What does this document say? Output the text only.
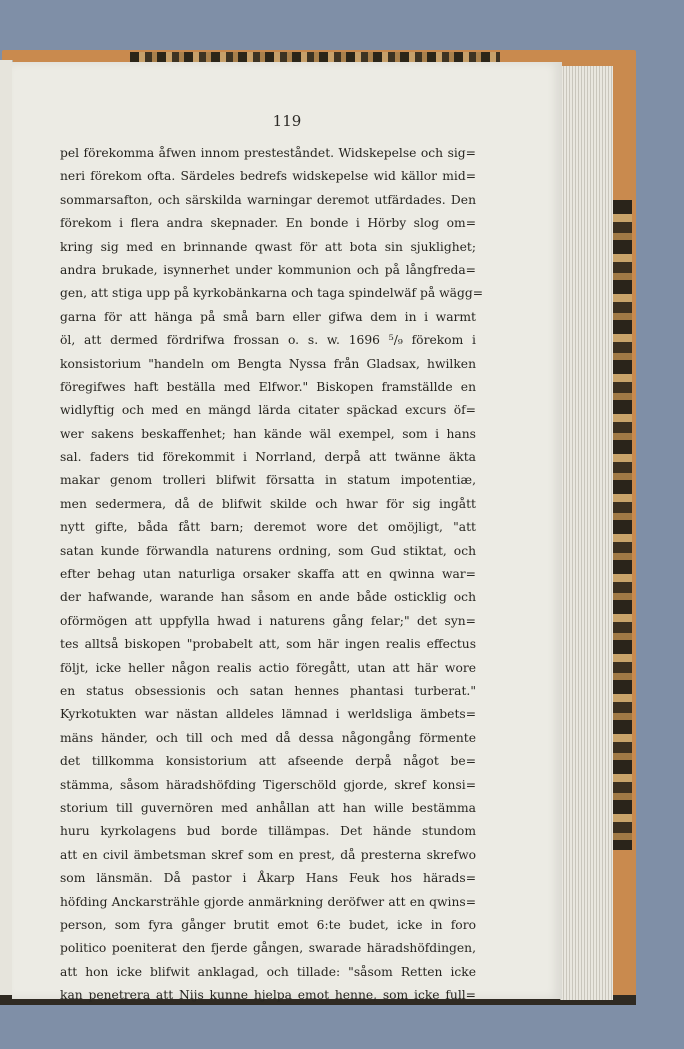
119
pel förekomma åfwen innom presteståndet. Widskepelse och sig=
neri förekom ofta. Särdeles bedrefs widskepelse wid källor mid=
sommarsafton, och särskilda warningar deremot utfärdades. Den
förekom i flera andra skepnader. En bonde i Hörby slog om=
kring sig med en brinnande qwast för att bota sin sjuklighet;
andra brukade, isynnerhet under kommunion och på långfreda=
gen, att stiga upp på kyrkobänkarna och taga spindelwäf på wägg=
garna för att hänga på små barn eller gifwa dem in i warmt
öl, att dermed fördrifwa frossan o. s. w. 1696 ⁵/₉ förekom i
konsistorium "handeln om Bengta Nyssa från Gladsax, hwilken
föregifwes haft beställa med Elfwor." Biskopen framställde en
widlyftig och med en mängd lärda citater späckad excurs öf=
wer sakens beskaffenhet; han kände wäl exempel, som i hans
sal. faders tid förekommit i Norrland, derpå att twänne äkta
makar genom trolleri blifwit försatta in statum impotentiæ,
men sedermera, då de blifwit skilde och hwar för sig ingått
nytt gifte, båda fått barn; deremot wore det omöjligt, "att
satan kunde förwandla naturens ordning, som Gud stiktat, och
efter behag utan naturliga orsaker skaffa att en qwinna war=
der hafwande, warande han såsom en ande både osticklig och
oförmögen att uppfylla hwad i naturens gång felar;" det syn=
tes alltså biskopen "probabelt att, som här ingen realis effectus
följt, icke heller någon realis actio föregått, utan att här wore
en status obsessionis och satan hennes phantasi turberat."
Kyrkotukten war nästan alldeles lämnad i werldsliga ämbets=
mäns händer, och till och med då dessa någongång förmente
det tillkomma konsistorium att afseende derpå något be=
stämma, såsom häradshöfding Tigerschöld gjorde, skref konsi=
storium till guvernören med anhållan att han wille bestämma
huru kyrkolagens bud borde tillämpas. Det hände stundom
att en civil ämbetsman skref som en prest, då presterna skrefwo
som länsmän. Då pastor i Åkarp Hans Feuk hos härads=
höfding Anckarsträhle gjorde anmärkning deröfwer att en qwins=
person, som fyra gånger brutit emot 6:te budet, icke in foro
politico poeniterat den fjerde gången, swarade häradshöfdingen,
att hon icke blifwit anklagad, och tillade: "såsom Retten icke
kan penetrera att Nijs kunne hjelpa emot henne, som icke full=
